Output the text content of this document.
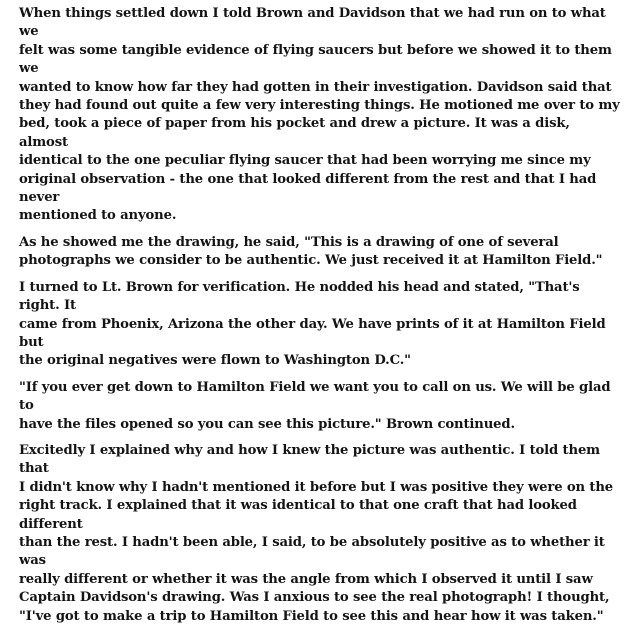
When things settled down I told Brown and Davidson that we had run on to what we
felt was some tangible evidence of flying saucers but before we showed it to them we
wanted to know how far they had gotten in their investigation. Davidson said that
they had found out quite a few very interesting things. He motioned me over to my
bed, took a piece of paper from his pocket and drew a picture. It was a disk, almost
identical to the one peculiar flying saucer that had been worrying me since my
original observation - the one that looked different from the rest and that I had never
mentioned to anyone.

As he showed me the drawing, he said, "This is a drawing of one of several
photographs we consider to be authentic. We just received it at Hamilton Field."

I turned to Lt. Brown for verification. He nodded his head and stated, "That's right. It
came from Phoenix, Arizona the other day. We have prints of it at Hamilton Field but
the original negatives were flown to Washington D.C."

"If you ever get down to Hamilton Field we want you to call on us. We will be glad to
have the files opened so you can see this picture." Brown continued.

Excitedly I explained why and how I knew the picture was authentic. I told them that
I didn't know why I hadn't mentioned it before but I was positive they were on the
right track. I explained that it was identical to that one craft that had looked different
than the rest. I hadn't been able, I said, to be absolutely positive as to whether it was
really different or whether it was the angle from which I observed it until I saw
Captain Davidson's drawing. Was I anxious to see the real photograph! I thought,
"I've got to make a trip to Hamilton Field to see this and hear how it was taken."
